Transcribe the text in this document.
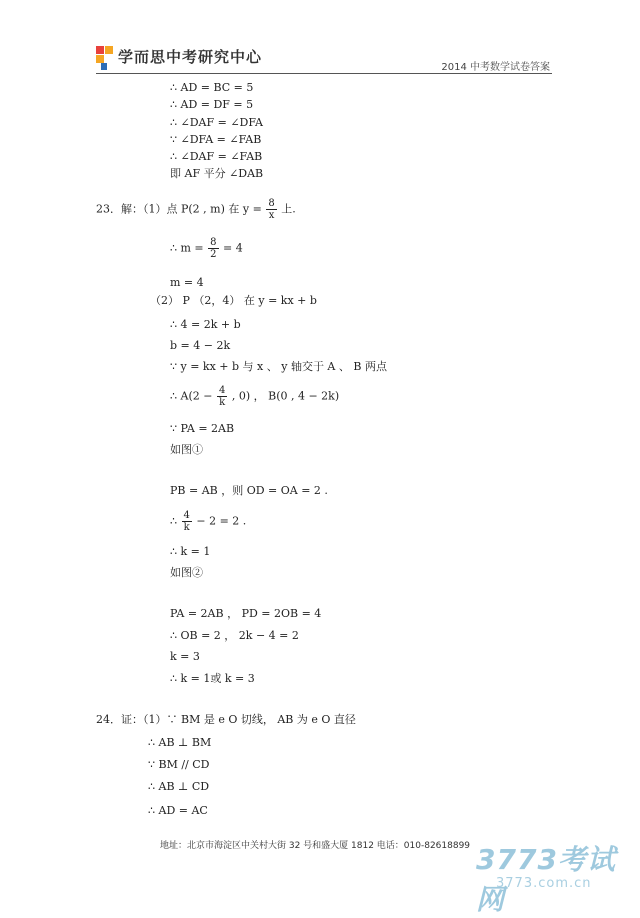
学而思中考研究中心
2014 中考数学试卷答案
∴ AD = BC = 5
∴ AD = DF = 5
∴ ∠DAF = ∠DFA
∵ ∠DFA = ∠FAB
∴ ∠DAF = ∠FAB
即 AF 平分 ∠DAB
23．解：（1）点 P(2 , m) 在 $y = \frac{8}{x}$ 上.
∴ $m = \frac{8}{2} = 4$
m = 4
（2） P （2，4） 在 y = kx + b
∴ 4 = 2k + b
b = 4 − 2k
∵ y = kx + b 与 x 、 y 轴交于 A 、 B 两点
∴ $A(2 - \frac{4}{k}$ , 0) ， B(0 , 4 − 2k)
∵ PA = 2AB
如图①
PB = AB ，则 OD = OA = 2 .
∴ $\frac{4}{k} - 2 = 2$ .
∴ k = 1
如图②
PA = 2AB ， PD = 2OB = 4
∴ OB = 2 ， 2k − 4 = 2
k = 3
∴ k = 1或 k = 3
24．证：（1）∵ BM 是 e O 切线， AB 为 e O 直径
∴ AB ⊥ BM
∵ BM // CD
∴ AB ⊥ CD
∴ AD = AC
地址：北京市海淀区中关村大街 32 号和盛大厦 1812 电话：010-82618899 3773考试网
3773.com.cn
